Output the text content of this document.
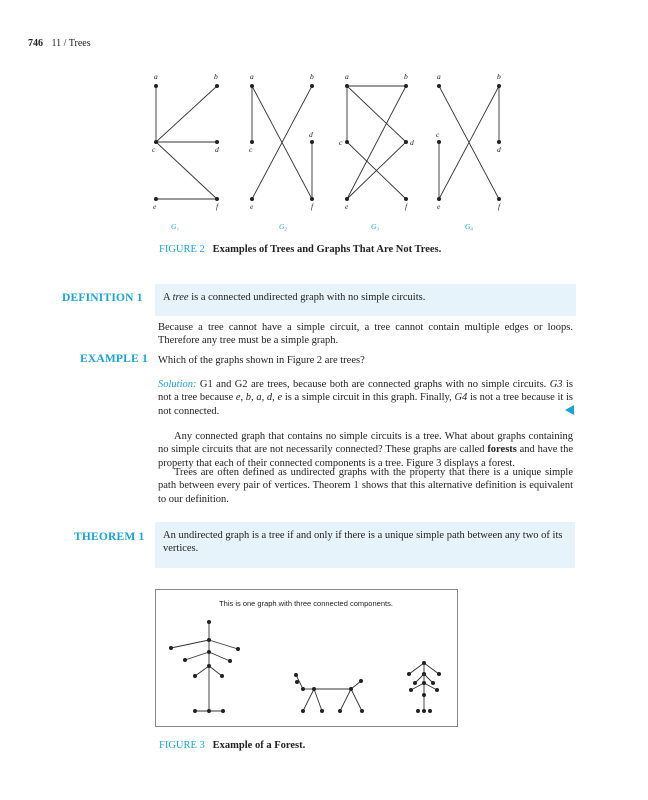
746 11 / Trees
a	b
c	d
e	f
a	b
c
d
e	f
a	b
c	d
e	f
a	b
c
d
e	f
G₁	G₂	G₃	G₄
FIGURE 2 Examples of Trees and Graphs That Are Not Trees.
DEFINITION 1	A tree is a connected undirected graph with no simple circuits.
Because a tree cannot have a simple circuit, a tree cannot contain multiple edges or loops. Therefore any tree must be a simple graph.
EXAMPLE 1 Which of the graphs shown in Figure 2 are trees?
Solution: G1 and G2 are trees, because both are connected graphs with no simple circuits. G3 is not a tree because e, b, a, d, e is a simple circuit in this graph. Finally, G4 is not a tree because it is not connected.
Any connected graph that contains no simple circuits is a tree. What about graphs containing no simple circuits that are not necessarily connected? These graphs are called forests and have the property that each of their connected components is a tree. Figure 3 displays a forest.
Trees are often defined as undirected graphs with the property that there is a unique simple path between every pair of vertices. Theorem 1 shows that this alternative definition is equivalent to our definition.
THEOREM 1	An undirected graph is a tree if and only if there is a unique simple path between any two of its vertices.
This is one graph with three connected components.
FIGURE 3 Example of a Forest.
